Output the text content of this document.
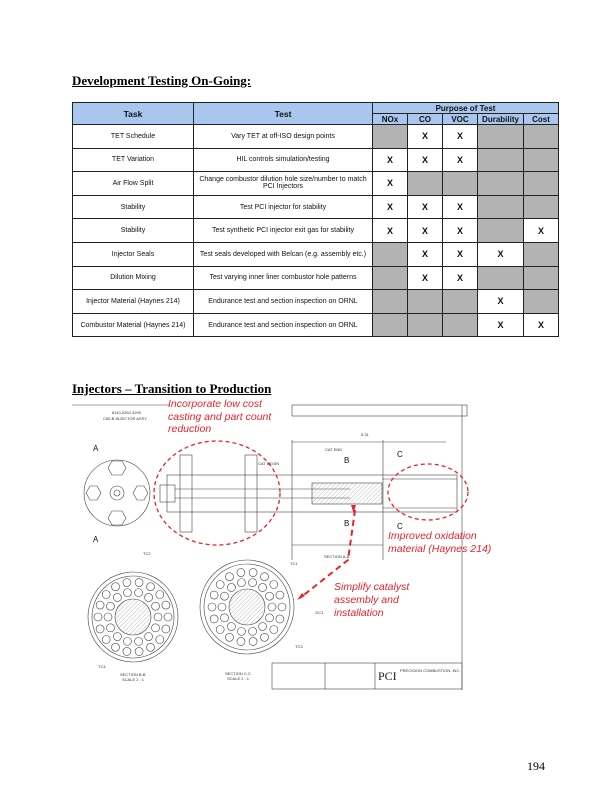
Development Testing On-Going:
Task	Test	Purpose of Test				
		NOx	CO	VOC	Durability	Cost
TET Schedule	Vary TET at off-ISO design points		X	X		
TET Variation	HIL controls simulation/testing	X	X	X		
Air Flow Split	Change combustor dilution hole size/number to match PCI Injectors	X				
Stability	Test PCI injector for stability	X	X	X		
Stability	Test synthetic PCI injector exit gas for stability	X	X	X		X
Injector Seals	Test seals developed with Belcan (e.g. assembly etc.)		X	X	X	
Dilution Mixing	Test varying inner liner combustor hole patterns		X	X		
Injector Material (Haynes 214)	Endurance test and section inspection on ORNL				X	
Combustor Material (Haynes 214)	Endurance test and section inspection on ORNL				X	X
Injectors – Transition to Production
Incorporate low cost casting and part count reduction
Improved oxidation material (Haynes 214)
Simplify catalyst assembly and installation
8110-0262-3200
C60-B INJECTOR ASSY
5.31
CAT END
CAT BEGIN
SECTION A-A
SECTION B-B
SCALE 2 : 1
SECTION C-C
SCALE 2 : 1
TC2
TC1
TC3
TC4
GC1
PCI PRECISION COMBUSTION, INC.
A
A
B
B
C
C
194
